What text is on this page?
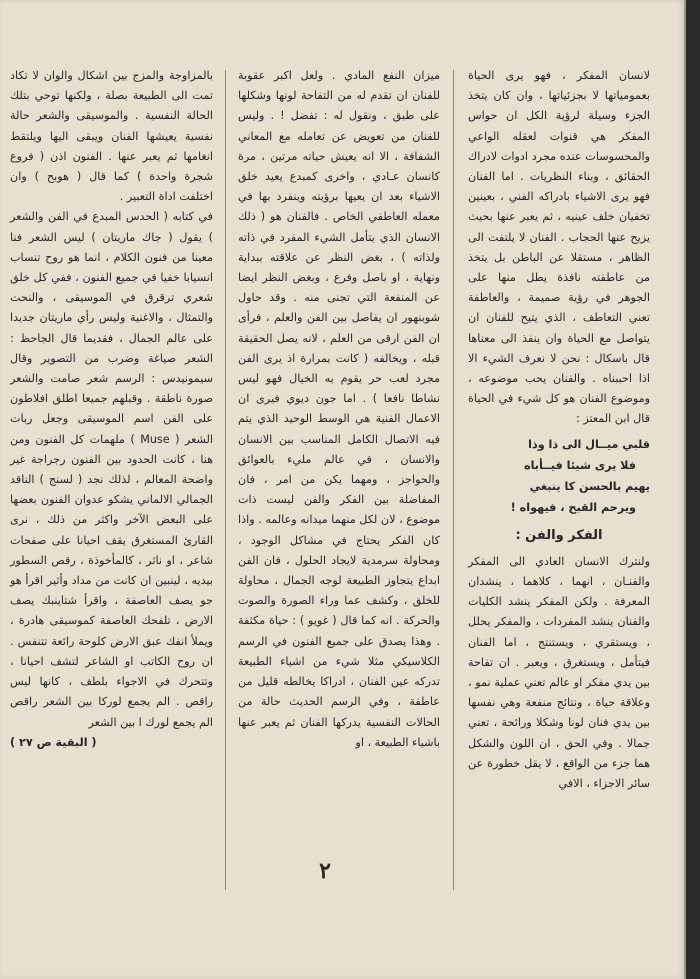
لانسان المفكر ، فهو يرى الحياة بعمومياتها لا بجزئياتها ، وان كان يتخذ الجزء وسيلة لرؤية الكل ان حواس المفكر هي قنوات لعقله الواعي والمحسوسات عنده مجرد ادوات لادراك الحقائق ، وبناء النظريات . اما الفنان فهو يرى الاشياء بادراكه الفني ، بعينين تخفيان خلف عينيه ، ثم يعبر عنها بحيث يزيح عنها الحجاب . الفنان لا يلتفت الى الظاهر ، مستقلا عن الباطن بل يتخذ من عاطفته نافذة يطل منها على الجوهر في رؤية صميمة ، والعاطفة تعني التعاطف ، الذي يتيح للفنان ان يتواصل مع الحياة وان ينفذ الى معناها قال باسكال : نحن لا نعرف الشيء الا اذا احببناه . والفنان يحب موضوعه ، وموضوع الفنان هو كل شيء في الحياة قال ابن المعتز :

قلبي ميــال الى ذا وذا
فلا يرى شيئا فيــأباه
يهيم بالحسن كا ينبغي
ويرحم القبح ، فيهواه !
الفكر والفن :

ولنترك الانسان العادي الى المفكر والفنـان ، انهما ، كلاهما ، ينشدان المعرفة . ولكن المفكر ينشد الكليات والفنان ينشد المفردات ، والمفكر يحلل ، ويستقري ، ويستنتج ، اما الفنان فيتأمل ، ويستغرق ، ويعبر . ان تفاحة بين يدي مفكر او عالم تعني عملية نمو ، وعلاقة حياة ، ونتائج منفعة وهي نفسها بين يدي فنان لونا وشكلا ورائحة ، تعني جمالا . وفي الحق ، ان اللون والشكل هما جزء من الواقع ، لا يقل خطورة عن سائر الاجزاء ، الافي

ميزان النفع المادي . ولعل اكبر عقوبة للفنان ان تقدم له من التفاحة لونها وشكلها على طبق ، ونقول له : تفضل ! . وليس للفنان من تعويض عن تعامله مع المعاني الشفافة ، الا انه يعيش حياته مرتين ، مرة كانسان عـادي ، واخرى كمبدع يعيد خلق الاشياء بعد ان يعيها برؤيته وينفرد بها في معمله العاطفي الخاص . فالفنان هو ( ذلك الانسان الذي يتأمل الشيء المفرد في ذاته ولذاته ) ، بغض النظر عن علاقته ببداية ونهاية ، او باصل وفرع ، وبغض النظر ايضا عن المنفعة التي تجنى منه . وقد حاول شوبنهور ان يفاصل بين الفن والعلم ، فرأى ان الفن ارقى من العلم ، لانه يصل الحقيقة قبله ، ويخالفه ( كانت بمرارة اذ يرى الفن مجرد لعب حر يقوم به الخيال فهو ليس نشاطا نافعا ) . اما جون ديوي فيرى ان الاعمال الفنية هي الوسط الوحيد الذي يتم فيه الاتصال الكامل المناسب بين الانسان والانسان ، في عالم مليء بالعوائق والحواجز ، ومهما يكن من امر ، فان المفاضلة بين الفكر والفن ليست ذات موضوع ، لان لكل منهما ميدانه وعالمه . واذا كان الفكر يحتاج في مشاكل الوجود ، ومحاولة سرمدية لايجاد الحلول ، فان الفن ابداع يتجاوز الطبيعة لوجه الجمال ، محاولة للخلق ، وكشف عما وراء الصورة والصوت والحركة . انه كما قال ( غويو ) : حياة مكثفة . وهذا يصدق على جميع الفنون في الرسم الكلاسيكي مثلا شيء من اشياء الطبيعة تدركه عين الفنان ، ادراكا يخالطه قليل من عاطفة ، وفي الرسم الحديث حالة من الحالات النفسية يدركها الفنان ثم يعبر عنها باشياء الطبيعة ، او

بالمزاوجة والمزج بين اشكال والوان لا تكاد تمت الى الطبيعة بصلة ، ولكنها توحي بتلك الحالة النفسية . والموسيقى والشعر حالة نفسية يعيشها الفنان ويبقى اليها ويلتقط انغامها ثم يعبر عنها . الفنون اذن ( فروع شجرة واحدة ) كما قال ( هوبح ) وان اختلفت اداة التعبير .

في كتابه ( الحدس المبدع في الفن والشعر ) يقول ( جاك ماريتان ) ليس الشعر فنا معينا من فنون الكلام ، انما هو روح تنساب انسيابا خفيا في جميع الفنون ، ففي كل خلق شعري ترقرق في الموسيقى ، والنحت والتمثال ، والاغنية وليس رأي ماريتان جديدا على عالم الجمال ، فقديما قال الجاحظ : الشعر صياغة وضرب من التصوير وقال سيمونيدس : الرسم شعر صامت والشعر صورة ناطقة . وقبلهم جميعا اطلق افلاطون على الفن اسم الموسيقى وجعل ربات الشعر ( Muse ) ملهمات كل الفنون ومن هنا ، كانت الحدود بين الفنون رجراجة غير واضحة المعالم ، لذلك نجد ( لسنج ) الناقد الجمالي الالماني يشكو عدوان الفنون بعضها على البعض الآخر واكثر من ذلك ، نرى القارئ المستغرق يقف احيانا على صفحات شاعر ، او ناثر ، كالمأخوذة ، رقص السطور بيديه ، لينبين ان كانت من مداد وأثير اقرأ هو جو يصف العاصفة ، واقرأ شتاينبك يصف الارض ، تلفحك العاصفة كموسيقى هادرة ، ويملأ انفك عبق الارض كلوحة رائعة تتنفس . ان روح الكاتب او الشاعر لتشف احيانا ، وتتحرك في الاجواء بلطف ، كانها ليس راقص . الم يجمع لوركا بين الشعر راقص الم يجمع لورك ا بين الشعر

( البقية ص ٢٧ )
٢
